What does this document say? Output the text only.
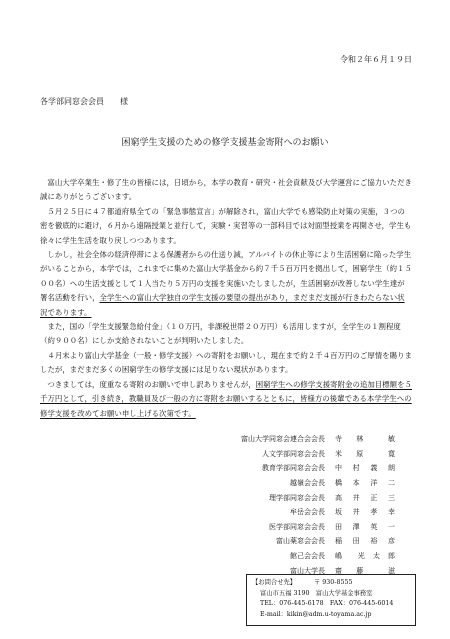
令和２年６月１９日
各学部同窓会会員　　様
困窮学生支援のための修学支援基金寄附へのお願い

富山大学卒業生・修了生の皆様には，日頃から，本学の教育・研究・社会貢献及び大学運営にご協力いただき誠にありがとうございます。

５月２５日に４７都道府県全ての「緊急事態宣言」が解除され，富山大学でも感染防止対策の実施，３つの密を徹底的に避け，６月から遠隔授業と並行して，実験・実習等の一部科目では対面型授業を再開させ，学生も徐々に学生生活を取り戻しつつあります。

しかし，社会全体の経済停滞による保護者からの仕送り減，アルバイトの休止等により生活困窮に陥った学生がいることから，本学では，これまでに集めた富山大学基金から約７千５百万円を拠出して，困窮学生（約１５００名）への生活支援として１人当たり５万円の支援を実施いたしましたが，生活困窮が改善しない学生達が署名活動を行い，全学生への富山大学独自の学生支援の要望の提出があり，まだまだ支援が行きわたらない状況であります。

また，国の「学生支援緊急給付金」（１０万円，非課税世帯２０万円）も活用しますが，全学生の１割程度（約９００名）にしか支給されないことが判明いたしました。

４月末より富山大学基金（一般・修学支援）への寄附をお願いし，現在まで約２千４百万円のご厚情を賜りましたが，まだまだ多くの困窮学生の修学支援には足りない現状があります。

つきましては，度重なる寄附のお願いで申し訳ありませんが，困窮学生への修学支援寄附金の追加目標額を５千万円として，引き続き，教職員及び一般の方に寄附をお願いするとともに，皆様方の後輩である本学学生への修学支援を改めてお願い申し上げる次第です。

富山大学同窓会連合会会長	寺　林　　敏
人文学部同窓会会長	米　原　　寛
教育学部同窓会会長	中　村　義　朗
越嶺会会長	橋　本　洋　二
理学部同窓会会長	高　井　正　三
牟岳会会長	坂　井　孝　幸
医学部同窓会会長	田　澤　英　一
富山薬窓会会長	稲　田　裕　彦
館己会会長	嶋　　光　太　郎
富山大学長	齋　藤　　滋
【お問合せ先】	〒 930-8555
富山市五福 3190　富山大学基金事務室
TEL：076-445-6178　FAX：076-445-6014
E-mail：kikin@adm.u-toyama.ac.jp
